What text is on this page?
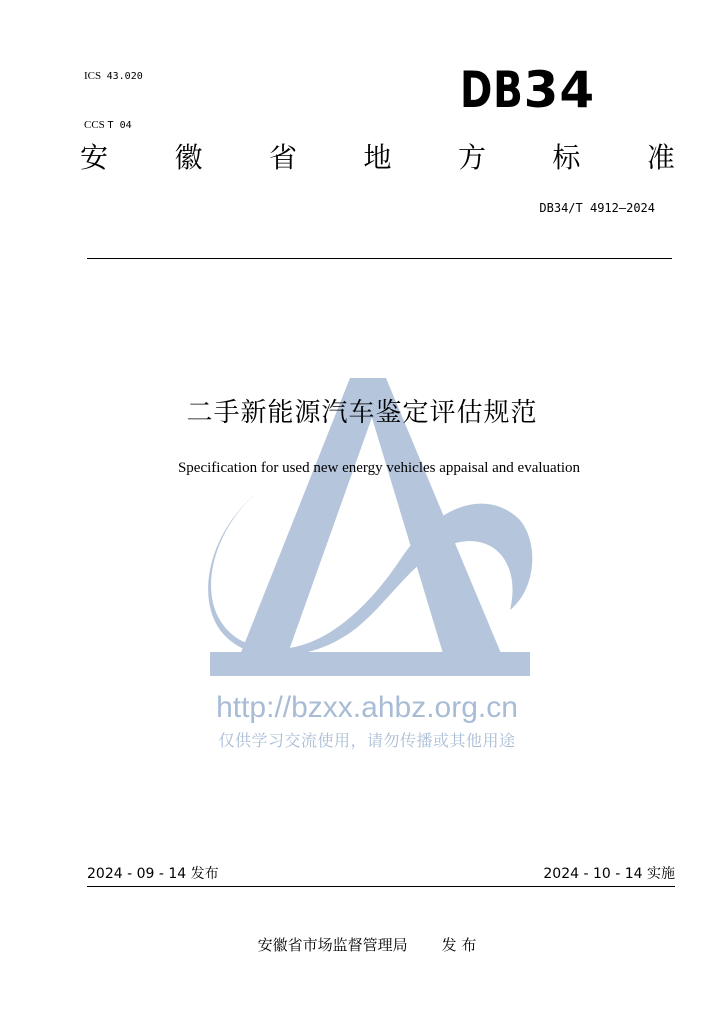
ICS 43.020

CCS T 04

DB34
安 徽 省 地 方 标 准
DB34/T 4912—2024
二手新能源汽车鉴定评估规范
Specification for used new energy vehicles appaisal and evaluation
http://bzxx.ahbz.org.cn
仅供学习交流使用，请勿传播或其他用途
2024 - 09 - 14 发布	2024 - 10 - 14 实施
安徽省市场监督管理局 发 布
